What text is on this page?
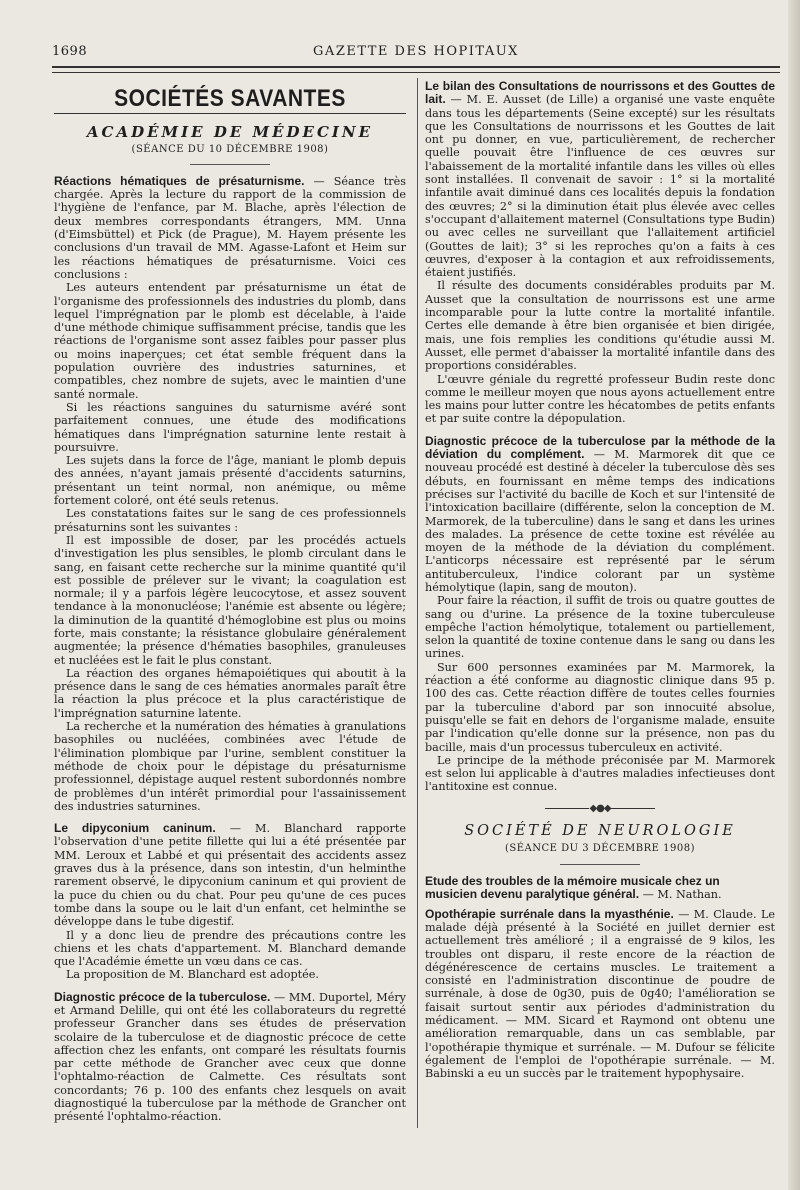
1698	GAZETTE DES HOPITAUX
SOCIÉTÉS SAVANTES
ACADÉMIE DE MÉDECINE
(SÉANCE DU 10 DÉCEMBRE 1908)

Réactions hématiques de présaturnisme. — Séance très chargée. Après la lecture du rapport de la commission de l'hygiène de l'enfance, par M. Blache, après l'élection de deux membres correspondants étrangers, MM. Unna (d'Eimsbüttel) et Pick (de Prague), M. Hayem présente les conclusions d'un travail de MM. Agasse-Lafont et Heim sur les réactions hématiques de présaturnisme. Voici ces conclusions :

Les auteurs entendent par présaturnisme un état de l'organisme des professionnels des industries du plomb, dans lequel l'imprégnation par le plomb est décelable, à l'aide d'une méthode chimique suffisamment précise, tandis que les réactions de l'organisme sont assez faibles pour passer plus ou moins inaperçues; cet état semble fréquent dans la population ouvrière des industries saturnines, et compatibles, chez nombre de sujets, avec le maintien d'une santé normale.

Si les réactions sanguines du saturnisme avéré sont parfaitement connues, une étude des modifications hématiques dans l'imprégnation saturnine lente restait à poursuivre.

Les sujets dans la force de l'âge, maniant le plomb depuis des années, n'ayant jamais présenté d'accidents saturnins, présentant un teint normal, non anémique, ou même fortement coloré, ont été seuls retenus.

Les constatations faites sur le sang de ces professionnels présaturnins sont les suivantes :

Il est impossible de doser, par les procédés actuels d'investigation les plus sensibles, le plomb circulant dans le sang, en faisant cette recherche sur la minime quantité qu'il est possible de prélever sur le vivant; la coagulation est normale; il y a parfois légère leucocytose, et assez souvent tendance à la mononucléose; l'anémie est absente ou légère; la diminution de la quantité d'hémoglobine est plus ou moins forte, mais constante; la résistance globulaire généralement augmentée; la présence d'hématies basophiles, granuleuses et nucléées est le fait le plus constant.

La réaction des organes hémapoiétiques qui aboutit à la présence dans le sang de ces hématies anormales paraît être la réaction la plus précoce et la plus caractéristique de l'imprégnation saturnine latente.

La recherche et la numération des hématies à granulations basophiles ou nucléées, combinées avec l'étude de l'élimination plombique par l'urine, semblent constituer la méthode de choix pour le dépistage du présaturnisme professionnel, dépistage auquel restent subordonnés nombre de problèmes d'un intérêt primordial pour l'assainissement des industries saturnines.

Le dipyconium caninum. — M. Blanchard rapporte l'observation d'une petite fillette qui lui a été présentée par MM. Leroux et Labbé et qui présentait des accidents assez graves dus à la présence, dans son intestin, d'un helminthe rarement observé, le dipyconium caninum et qui provient de la puce du chien ou du chat. Pour peu qu'une de ces puces tombe dans la soupe ou le lait d'un enfant, cet helminthe se développe dans le tube digestif.

Il y a donc lieu de prendre des précautions contre les chiens et les chats d'appartement. M. Blanchard demande que l'Académie émette un vœu dans ce cas.

La proposition de M. Blanchard est adoptée.

Diagnostic précoce de la tuberculose. — MM. Duportel, Méry et Armand Delille, qui ont été les collaborateurs du regretté professeur Grancher dans ses études de préservation scolaire de la tuberculose et de diagnostic précoce de cette affection chez les enfants, ont comparé les résultats fournis par cette méthode de Grancher avec ceux que donne l'ophtalmo-réaction de Calmette. Ces résultats sont concordants; 76 p. 100 des enfants chez lesquels on avait diagnostiqué la tuberculose par la méthode de Grancher ont présenté l'ophtalmo-réaction.

Le bilan des Consultations de nourrissons et des Gouttes de lait. — M. E. Ausset (de Lille) a organisé une vaste enquête dans tous les départements (Seine excepté) sur les résultats que les Consultations de nourrissons et les Gouttes de lait ont pu donner, en vue, particulièrement, de rechercher quelle pouvait être l'influence de ces œuvres sur l'abaissement de la mortalité infantile dans les villes où elles sont installées. Il convenait de savoir : 1° si la mortalité infantile avait diminué dans ces localités depuis la fondation des œuvres; 2° si la diminution était plus élevée avec celles s'occupant d'allaitement maternel (Consultations type Budin) ou avec celles ne surveillant que l'allaitement artificiel (Gouttes de lait); 3° si les reproches qu'on a faits à ces œuvres, d'exposer à la contagion et aux refroidissements, étaient justifiés.

Il résulte des documents considérables produits par M. Ausset que la consultation de nourrissons est une arme incomparable pour la lutte contre la mortalité infantile. Certes elle demande à être bien organisée et bien dirigée, mais, une fois remplies les conditions qu'étudie aussi M. Ausset, elle permet d'abaisser la mortalité infantile dans des proportions considérables.

L'œuvre géniale du regretté professeur Budin reste donc comme le meilleur moyen que nous ayons actuellement entre les mains pour lutter contre les hécatombes de petits enfants et par suite contre la dépopulation.

Diagnostic précoce de la tuberculose par la méthode de la déviation du complément. — M. Marmorek dit que ce nouveau procédé est destiné à déceler la tuberculose dès ses débuts, en fournissant en même temps des indications précises sur l'activité du bacille de Koch et sur l'intensité de l'intoxication bacillaire (différente, selon la conception de M. Marmorek, de la tuberculine) dans le sang et dans les urines des malades. La présence de cette toxine est révélée au moyen de la méthode de la déviation du complément. L'anticorps nécessaire est représenté par le sérum antituberculeux, l'indice colorant par un système hémolytique (lapin, sang de mouton).

Pour faire la réaction, il suffit de trois ou quatre gouttes de sang ou d'urine. La présence de la toxine tuberculeuse empêche l'action hémolytique, totalement ou partiellement, selon la quantité de toxine contenue dans le sang ou dans les urines.

Sur 600 personnes examinées par M. Marmorek, la réaction a été conforme au diagnostic clinique dans 95 p. 100 des cas. Cette réaction diffère de toutes celles fournies par la tuberculine d'abord par son innocuité absolue, puisqu'elle se fait en dehors de l'organisme malade, ensuite par l'indication qu'elle donne sur la présence, non pas du bacille, mais d'un processus tuberculeux en activité.

Le principe de la méthode préconisée par M. Marmorek est selon lui applicable à d'autres maladies infectieuses dont l'antitoxine est connue.

◆●◆
SOCIÉTÉ DE NEUROLOGIE
(SÉANCE DU 3 DÉCEMBRE 1908)
Etude des troubles de la mémoire musicale chez un musicien devenu paralytique général. — M. Nathan.

Opothérapie surrénale dans la myasthénie. — M. Claude. Le malade déjà présenté à la Société en juillet dernier est actuellement très amélioré ; il a engraissé de 9 kilos, les troubles ont disparu, il reste encore de la réaction de dégénérescence de certains muscles. Le traitement a consisté en l'administration discontinue de poudre de surrénale, à dose de 0g30, puis de 0g40; l'amélioration se faisait surtout sentir aux périodes d'administration du médicament. — MM. Sicard et Raymond ont obtenu une amélioration remarquable, dans un cas semblable, par l'opothérapie thymique et surrénale. — M. Dufour se félicite également de l'emploi de l'opothérapie surrénale. — M. Babinski a eu un succès par le traitement hypophysaire.
